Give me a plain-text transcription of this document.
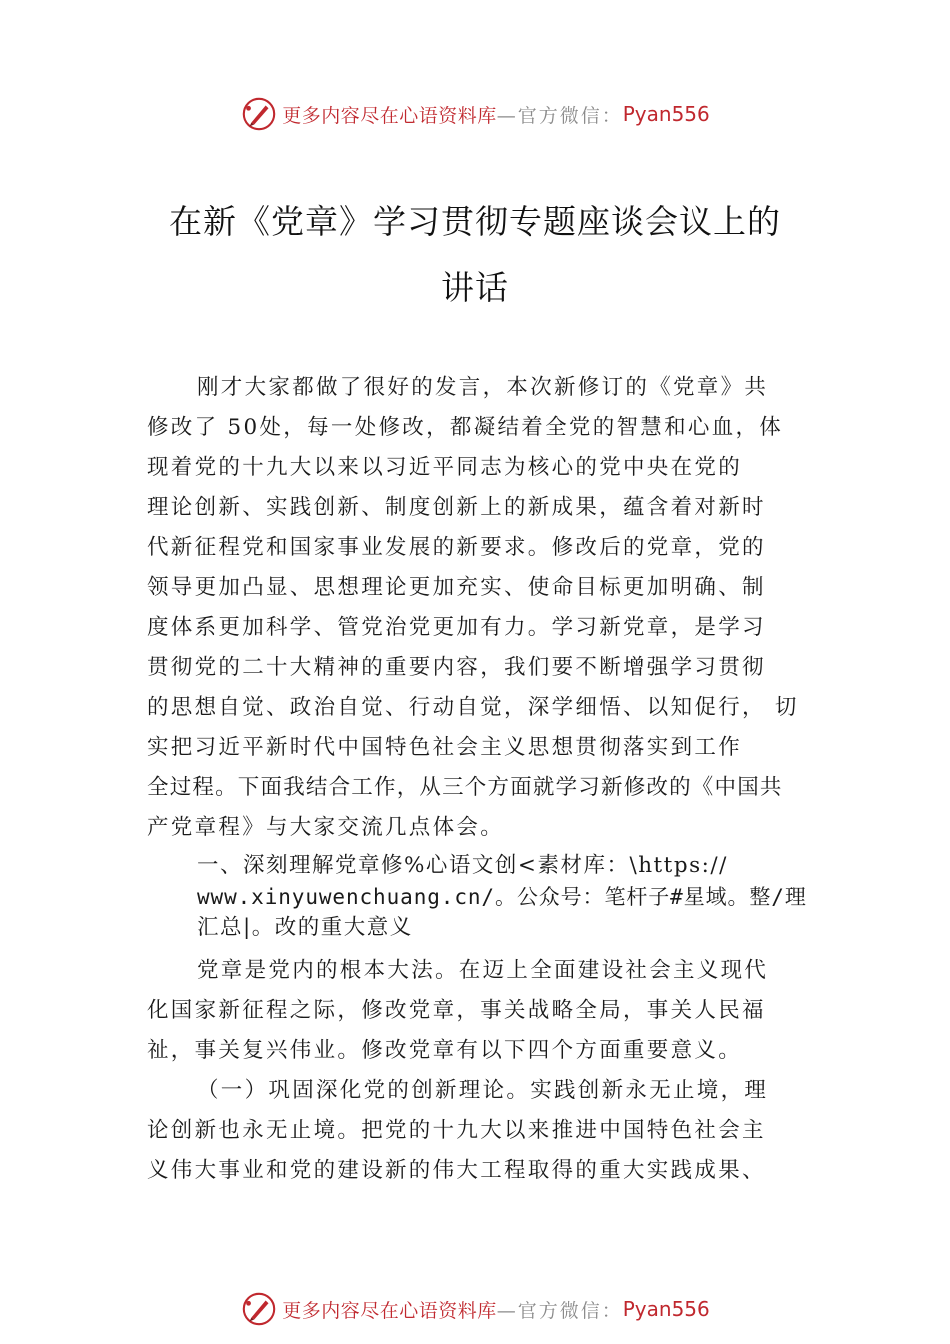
更多内容尽在心语资料库 —官方微信： Pyan556
在新《党章》学习贯彻专题座谈会议上的
讲话
刚才大家都做了很好的发言，本次新修订的《党章》共
修改了 50处，每一处修改，都凝结着全党的智慧和心血，体
现着党的十九大以来以习近平同志为核心的党中央在党的
理论创新、实践创新、制度创新上的新成果，蕴含着对新时
代新征程党和国家事业发展的新要求。修改后的党章，党的
领导更加凸显、思想理论更加充实、使命目标更加明确、制
度体系更加科学、管党治党更加有力。学习新党章，是学习
贯彻党的二十大精神的重要内容，我们要不断增强学习贯彻
的思想自觉、政治自觉、行动自觉，深学细悟、以知促行， 切
实把习近平新时代中国特色社会主义思想贯彻落实到工作
全过程。下面我结合工作，从三个方面就学习新修改的《中国共
产党章程》与大家交流几点体会。
一、深刻理解党章修%心语文创<素材库：\https://
www.xinyuwenchuang.cn/。公众号：笔杆子#星域。整/理
汇总|。改的重大意义
党章是党内的根本大法。在迈上全面建设社会主义现代
化国家新征程之际，修改党章，事关战略全局，事关人民福
祉，事关复兴伟业。修改党章有以下四个方面重要意义。
（一）巩固深化党的创新理论。实践创新永无止境，理
论创新也永无止境。把党的十九大以来推进中国特色社会主
义伟大事业和党的建设新的伟大工程取得的重大实践成果、
更多内容尽在心语资料库 —官方微信： Pyan556
